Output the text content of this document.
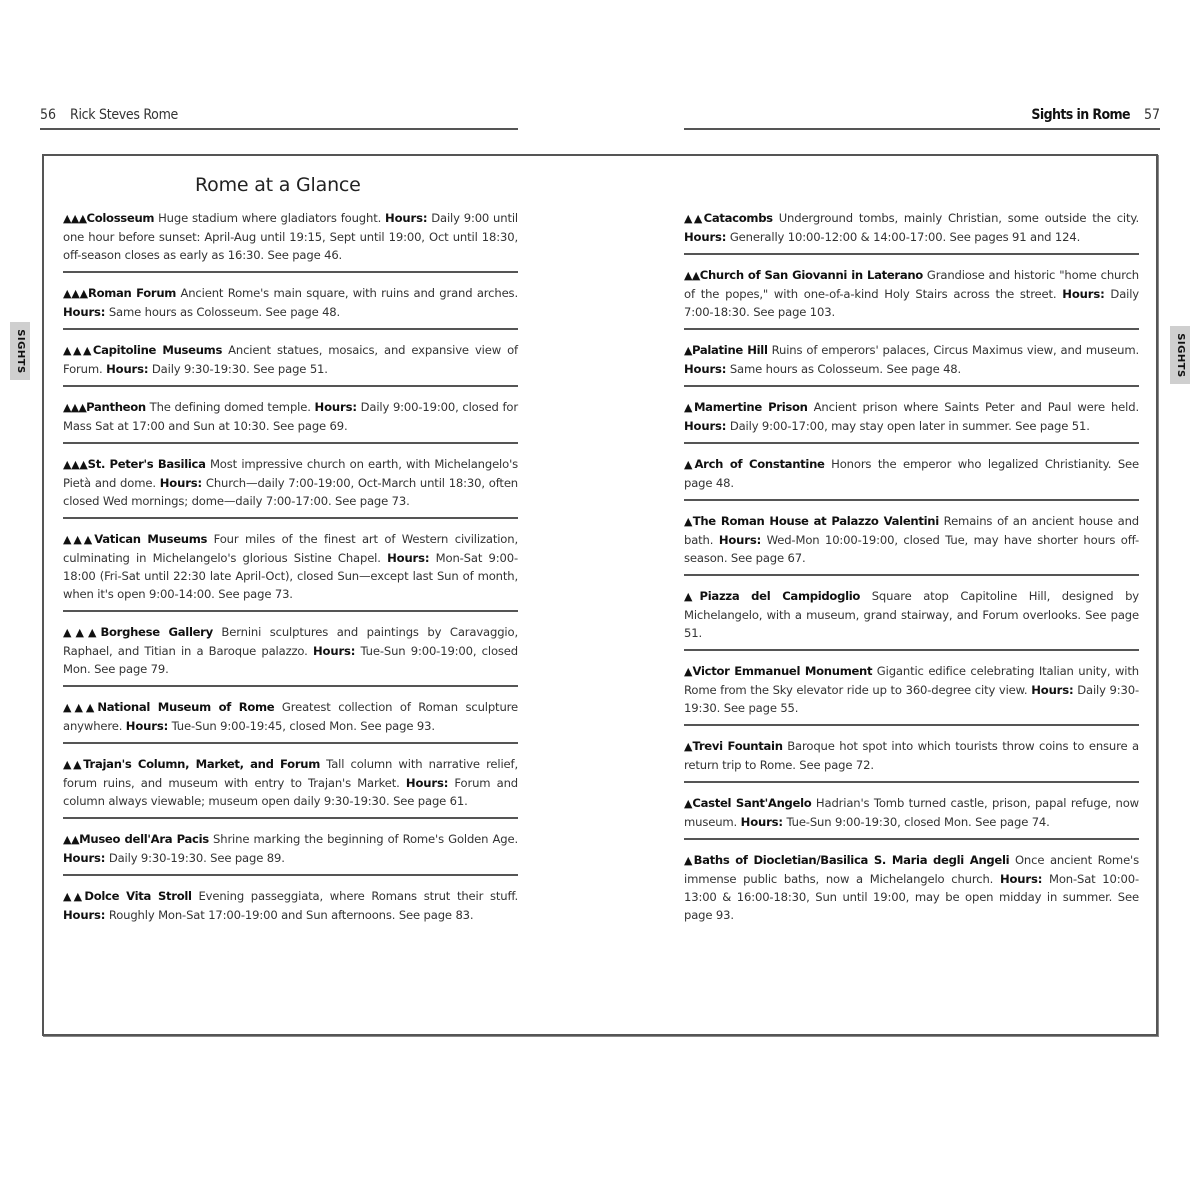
56 Rick Steves Rome	Sights in Rome 57
SIGHTS	SIGHTS
Rome at a Glance
▲▲▲Colosseum Huge stadium where gladiators fought. Hours: Daily 9:00 until one hour before sunset: April-Aug until 19:15, Sept until 19:00, Oct until 18:30, off-season closes as early as 16:30. See page 46.
▲▲▲Roman Forum Ancient Rome's main square, with ruins and grand arches. Hours: Same hours as Colosseum. See page 48.
▲▲▲Capitoline Museums Ancient statues, mosaics, and expansive view of Forum. Hours: Daily 9:30-19:30. See page 51.
▲▲▲Pantheon The defining domed temple. Hours: Daily 9:00-19:00, closed for Mass Sat at 17:00 and Sun at 10:30. See page 69.
▲▲▲St. Peter's Basilica Most impressive church on earth, with Michelangelo's Pietà and dome. Hours: Church—daily 7:00-19:00, Oct-March until 18:30, often closed Wed mornings; dome—daily 7:00-17:00. See page 73.
▲▲▲Vatican Museums Four miles of the finest art of Western civilization, culminating in Michelangelo's glorious Sistine Chapel. Hours: Mon-Sat 9:00-18:00 (Fri-Sat until 22:30 late April-Oct), closed Sun—except last Sun of month, when it's open 9:00-14:00. See page 73.
▲▲▲Borghese Gallery Bernini sculptures and paintings by Caravaggio, Raphael, and Titian in a Baroque palazzo. Hours: Tue-Sun 9:00-19:00, closed Mon. See page 79.
▲▲▲National Museum of Rome Greatest collection of Roman sculpture anywhere. Hours: Tue-Sun 9:00-19:45, closed Mon. See page 93.
▲▲Trajan's Column, Market, and Forum Tall column with narrative relief, forum ruins, and museum with entry to Trajan's Market. Hours: Forum and column always viewable; museum open daily 9:30-19:30. See page 61.
▲▲Museo dell'Ara Pacis Shrine marking the beginning of Rome's Golden Age. Hours: Daily 9:30-19:30. See page 89.
▲▲Dolce Vita Stroll Evening passeggiata, where Romans strut their stuff. Hours: Roughly Mon-Sat 17:00-19:00 and Sun afternoons. See page 83.
▲▲Catacombs Underground tombs, mainly Christian, some outside the city. Hours: Generally 10:00-12:00 & 14:00-17:00. See pages 91 and 124.
▲▲Church of San Giovanni in Laterano Grandiose and historic "home church of the popes," with one-of-a-kind Holy Stairs across the street. Hours: Daily 7:00-18:30. See page 103.
▲Palatine Hill Ruins of emperors' palaces, Circus Maximus view, and museum. Hours: Same hours as Colosseum. See page 48.
▲Mamertine Prison Ancient prison where Saints Peter and Paul were held. Hours: Daily 9:00-17:00, may stay open later in summer. See page 51.
▲Arch of Constantine Honors the emperor who legalized Christianity. See page 48.
▲The Roman House at Palazzo Valentini Remains of an ancient house and bath. Hours: Wed-Mon 10:00-19:00, closed Tue, may have shorter hours off-season. See page 67.
▲Piazza del Campidoglio Square atop Capitoline Hill, designed by Michelangelo, with a museum, grand stairway, and Forum overlooks. See page 51.
▲Victor Emmanuel Monument Gigantic edifice celebrating Italian unity, with Rome from the Sky elevator ride up to 360-degree city view. Hours: Daily 9:30-19:30. See page 55.
▲Trevi Fountain Baroque hot spot into which tourists throw coins to ensure a return trip to Rome. See page 72.
▲Castel Sant'Angelo Hadrian's Tomb turned castle, prison, papal refuge, now museum. Hours: Tue-Sun 9:00-19:30, closed Mon. See page 74.
▲Baths of Diocletian/Basilica S. Maria degli Angeli Once ancient Rome's immense public baths, now a Michelangelo church. Hours: Mon-Sat 10:00-13:00 & 16:00-18:30, Sun until 19:00, may be open midday in summer. See page 93.
